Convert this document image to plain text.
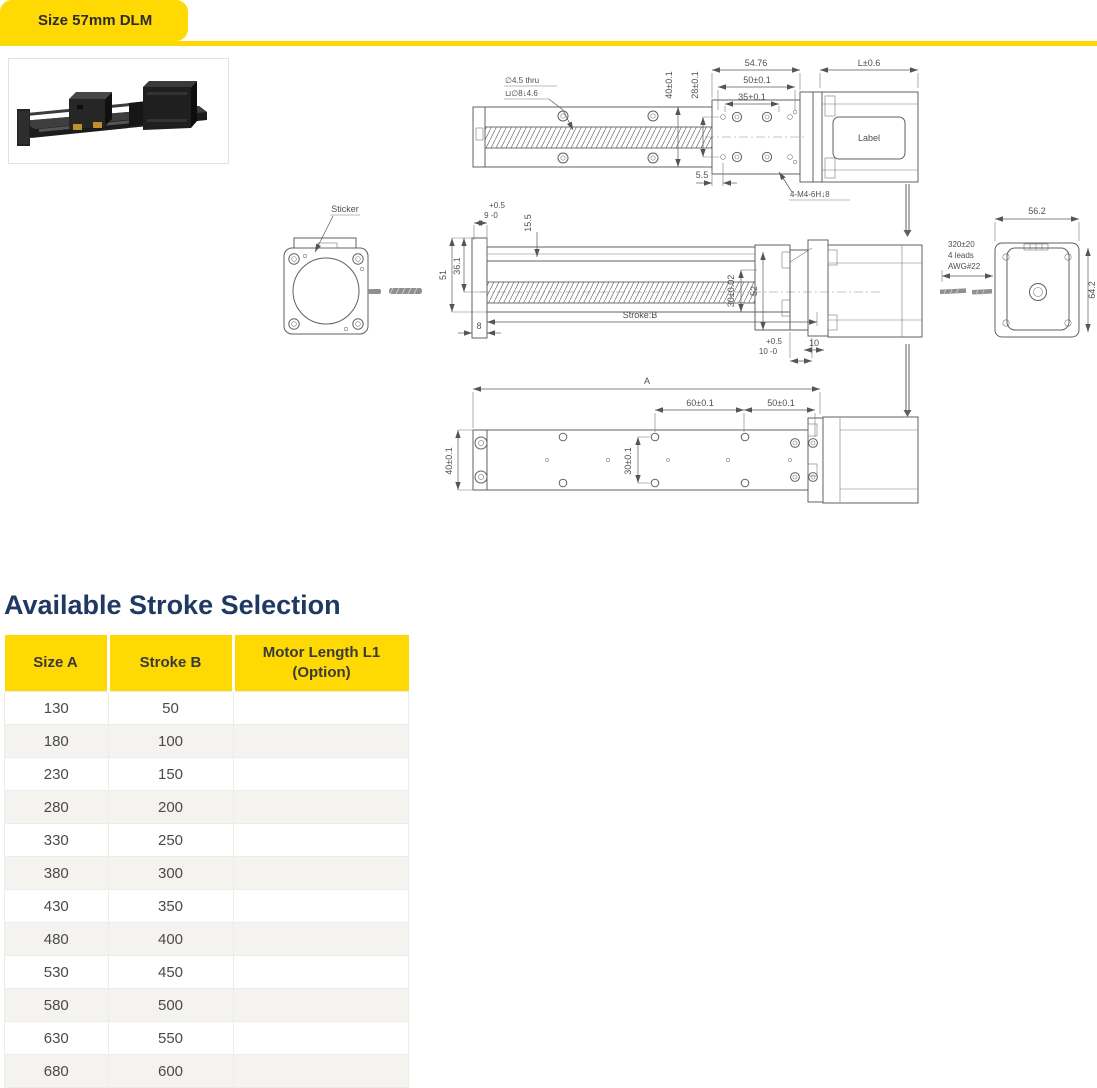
Size 57mm DLM
Label
54.76
50±0.1
35+0.1
L±0.6
40±0.1 28±0.1
5.5
∅4.5 thru
⊔∅8↓4.6
4-M4-6H↓8
Sticker
Stroke:B
51
36.1
+0.5
9 -0	15.5
8
30±0.02 52
+0.5
10 -0
10
56.2
64.2
320±20
4 leads
AWG#22
A
60±0.1	50±0.1
40±0.1	30±0.1
Available Stroke Selection
Size A	Stroke B	Motor Length L1
(Option)
130	50	
180	100	
230	150	
280	200	
330	250	
380	300	
430	350	
480	400	
530	450	
580	500	
630	550	
680	600	
